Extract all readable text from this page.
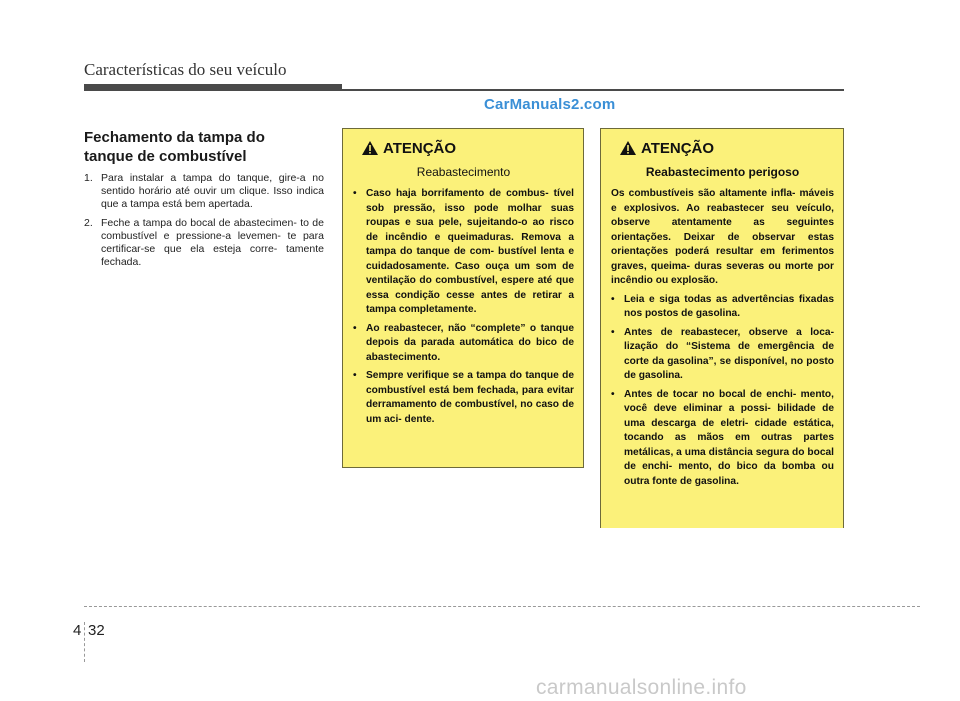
Características do seu veículo
CarManuals2.com
Fechamento da tampa do tanque de combustível
1. Para instalar a tampa do tanque, gire-a no sentido horário até ouvir um clique. Isso indica que a tampa está bem apertada.
2. Feche a tampa do bocal de abastecimen- to de combustível e pressione-a levemen- te para certificar-se que ela esteja corre- tamente fechada.
ATENÇÃO
Reabastecimento
• Caso haja borrifamento de combus- tível sob pressão, isso pode molhar suas roupas e sua pele, sujeitando-o ao risco de incêndio e queimaduras. Remova a tampa do tanque de com- bustível lenta e cuidadosamente. Caso ouça um som de ventilação do combustível, espere até que essa condição cesse antes de retirar a tampa completamente.
• Ao reabastecer, não “complete” o tanque depois da parada automática do bico de abastecimento.
• Sempre verifique se a tampa do tanque de combustível está bem fechada, para evitar derramamento de combustível, no caso de um aci- dente.
ATENÇÃO
Reabastecimento perigoso
Os combustíveis são altamente infla- máveis e explosivos. Ao reabastecer seu veículo, observe atentamente as seguintes orientações. Deixar de observar estas orientações poderá resultar em ferimentos graves, queima- duras severas ou morte por incêndio ou explosão.
• Leia e siga todas as advertências fixadas nos postos de gasolina.
• Antes de reabastecer, observe a loca- lização do “Sistema de emergência de corte da gasolina”, se disponível, no posto de gasolina.
• Antes de tocar no bocal de enchi- mento, você deve eliminar a possi- bilidade de uma descarga de eletri- cidade estática, tocando as mãos em outras partes metálicas, a uma distância segura do bocal de enchi- mento, do bico da bomba ou outra fonte de gasolina.
4 32
carmanualsonline.info
